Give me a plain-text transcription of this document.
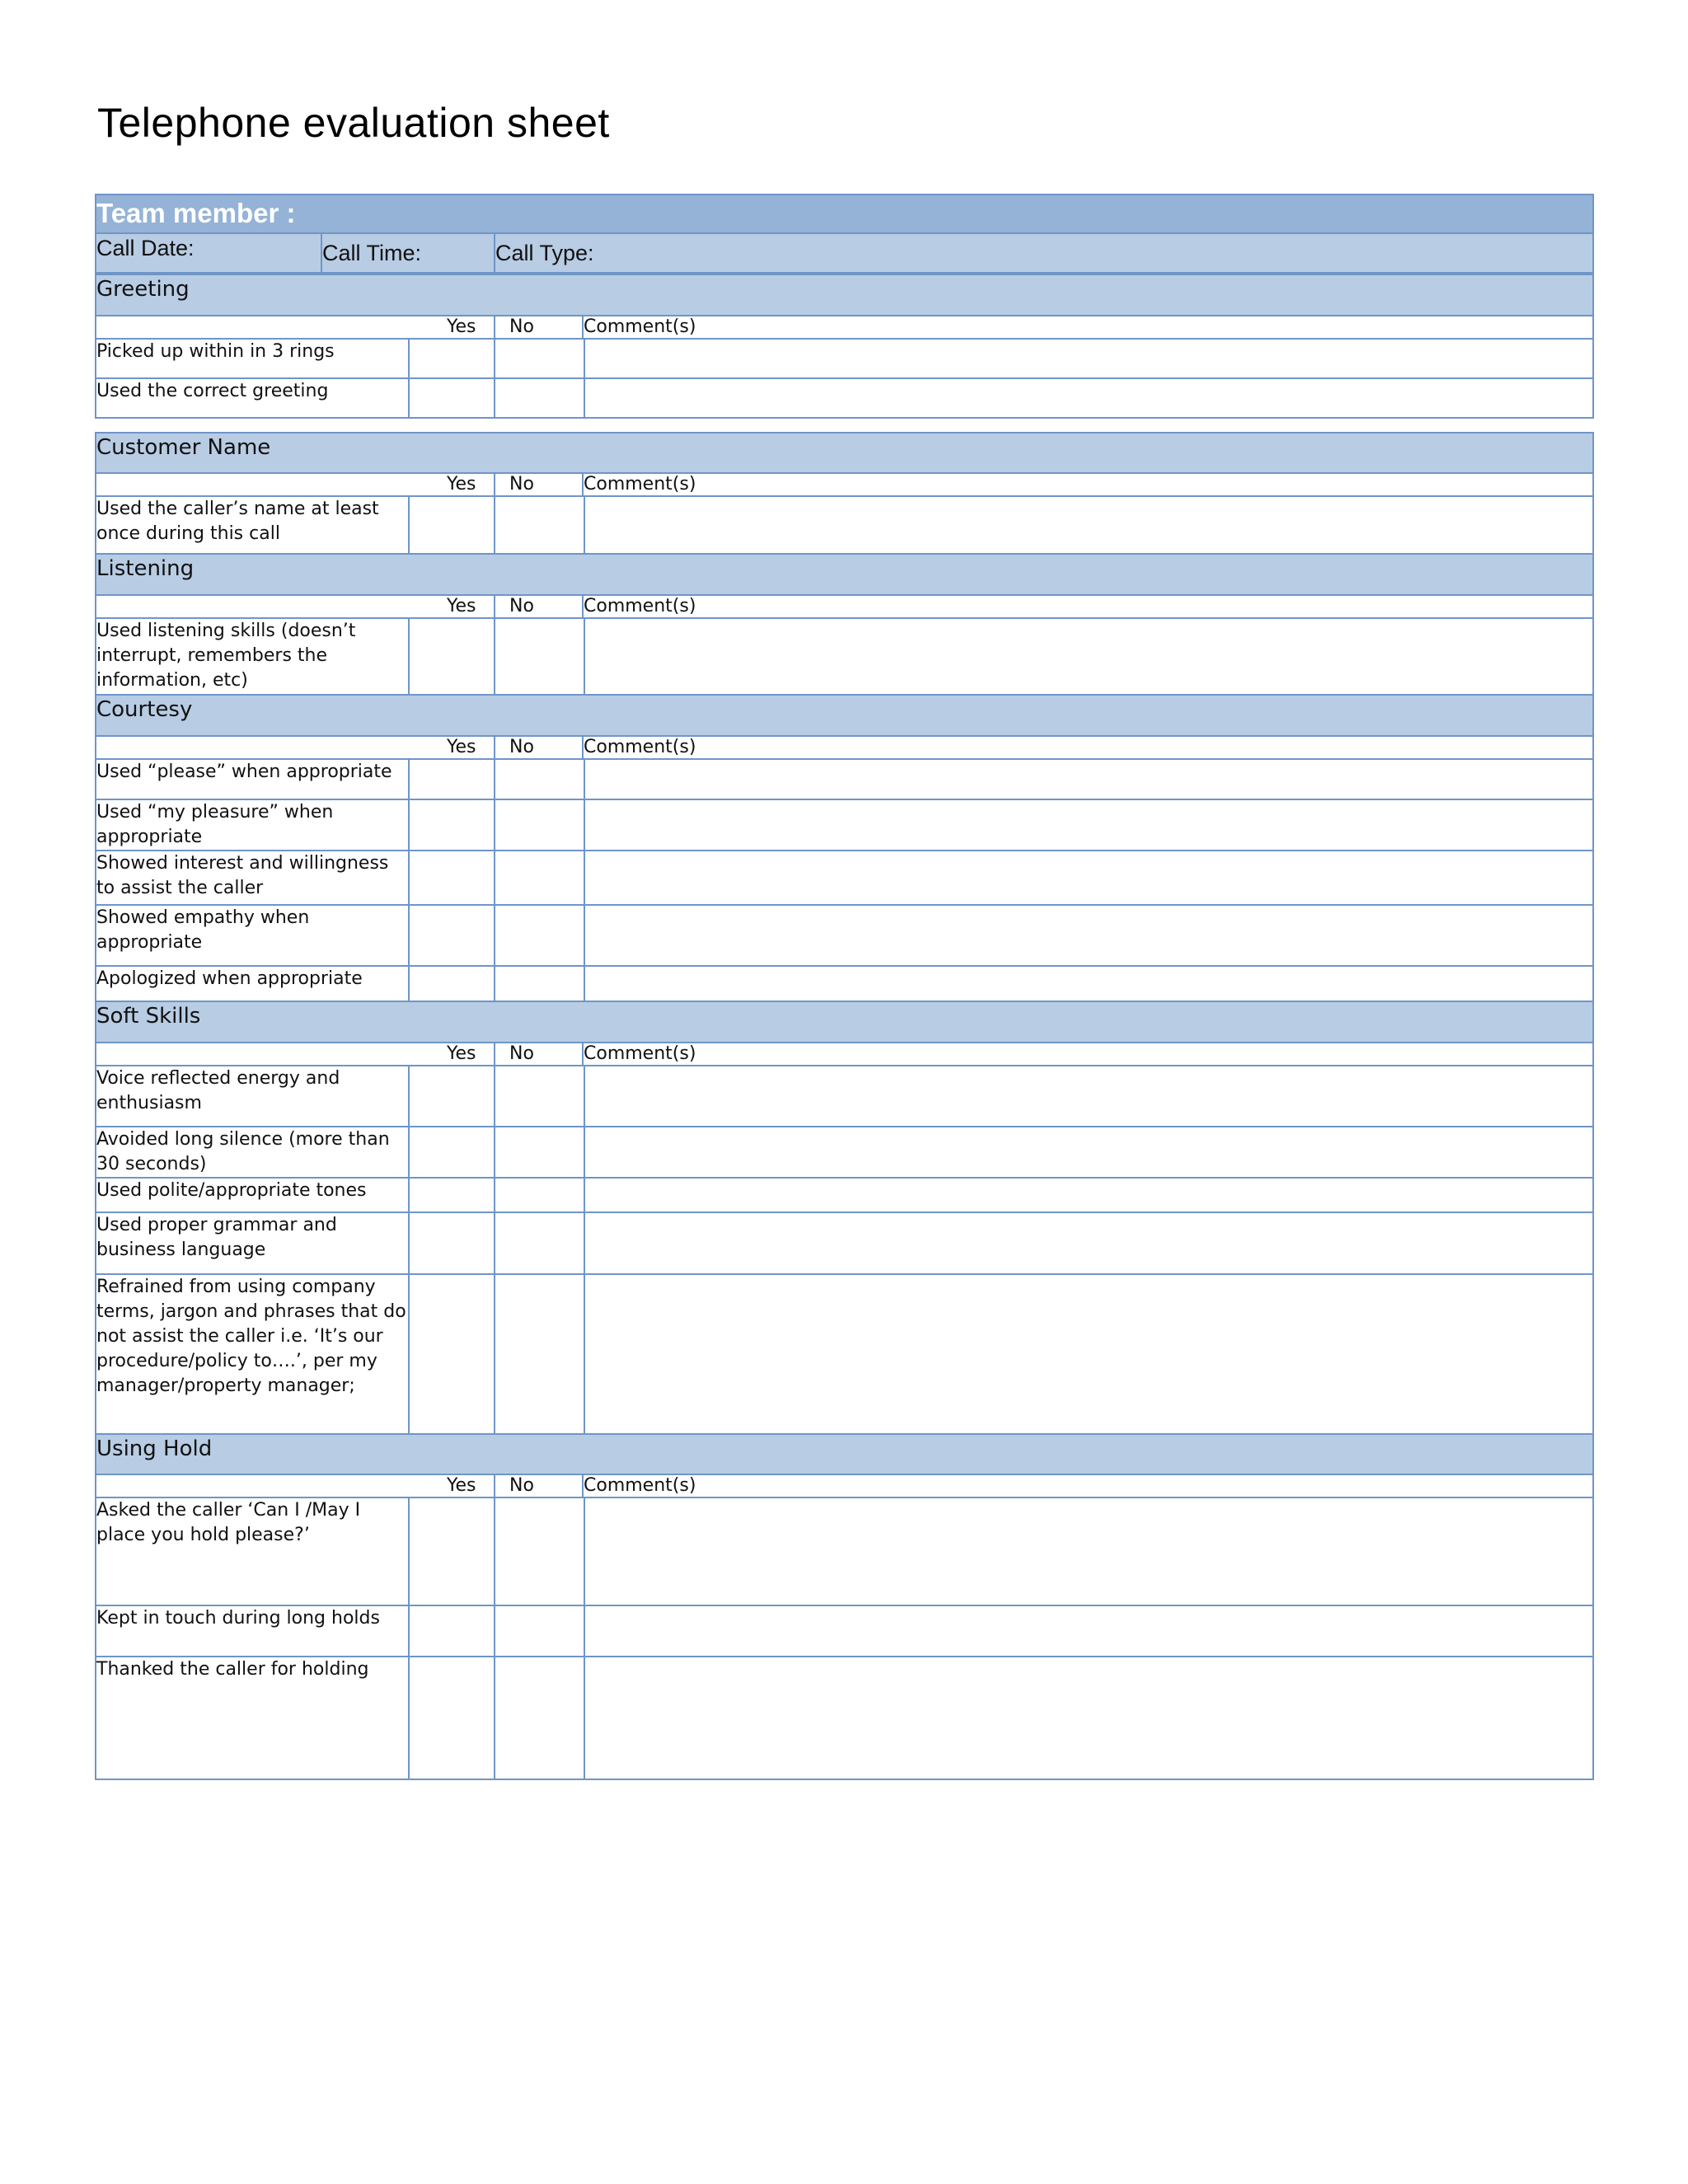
Telephone evaluation sheet
Team member :
Call Date:	Call Time:	Call Type:
Greeting
Yes No	Comment(s)
Picked up within in 3 rings
Used the correct greeting
Customer Name
Yes No	Comment(s)
Used the caller’s name at least once during this call
Listening
Yes No	Comment(s)
Used listening skills (doesn’t interrupt, remembers the information, etc)
Courtesy
Yes No	Comment(s)
Used “please” when appropriate
Used “my pleasure” when appropriate
Showed interest and willingness to assist the caller
Showed empathy when appropriate
Apologized when appropriate
Soft Skills
Yes No	Comment(s)
Voice reflected energy and enthusiasm
Avoided long silence (more than 30 seconds)
Used polite/appropriate tones
Used proper grammar and business language
Refrained from using company terms, jargon and phrases that do not assist the caller i.e. ‘It’s our procedure/policy to….’, per my manager/property manager;
Using Hold
Yes No	Comment(s)
Asked the caller ‘Can I /May I place you hold please?’
Kept in touch during long holds
Thanked the caller for holding
